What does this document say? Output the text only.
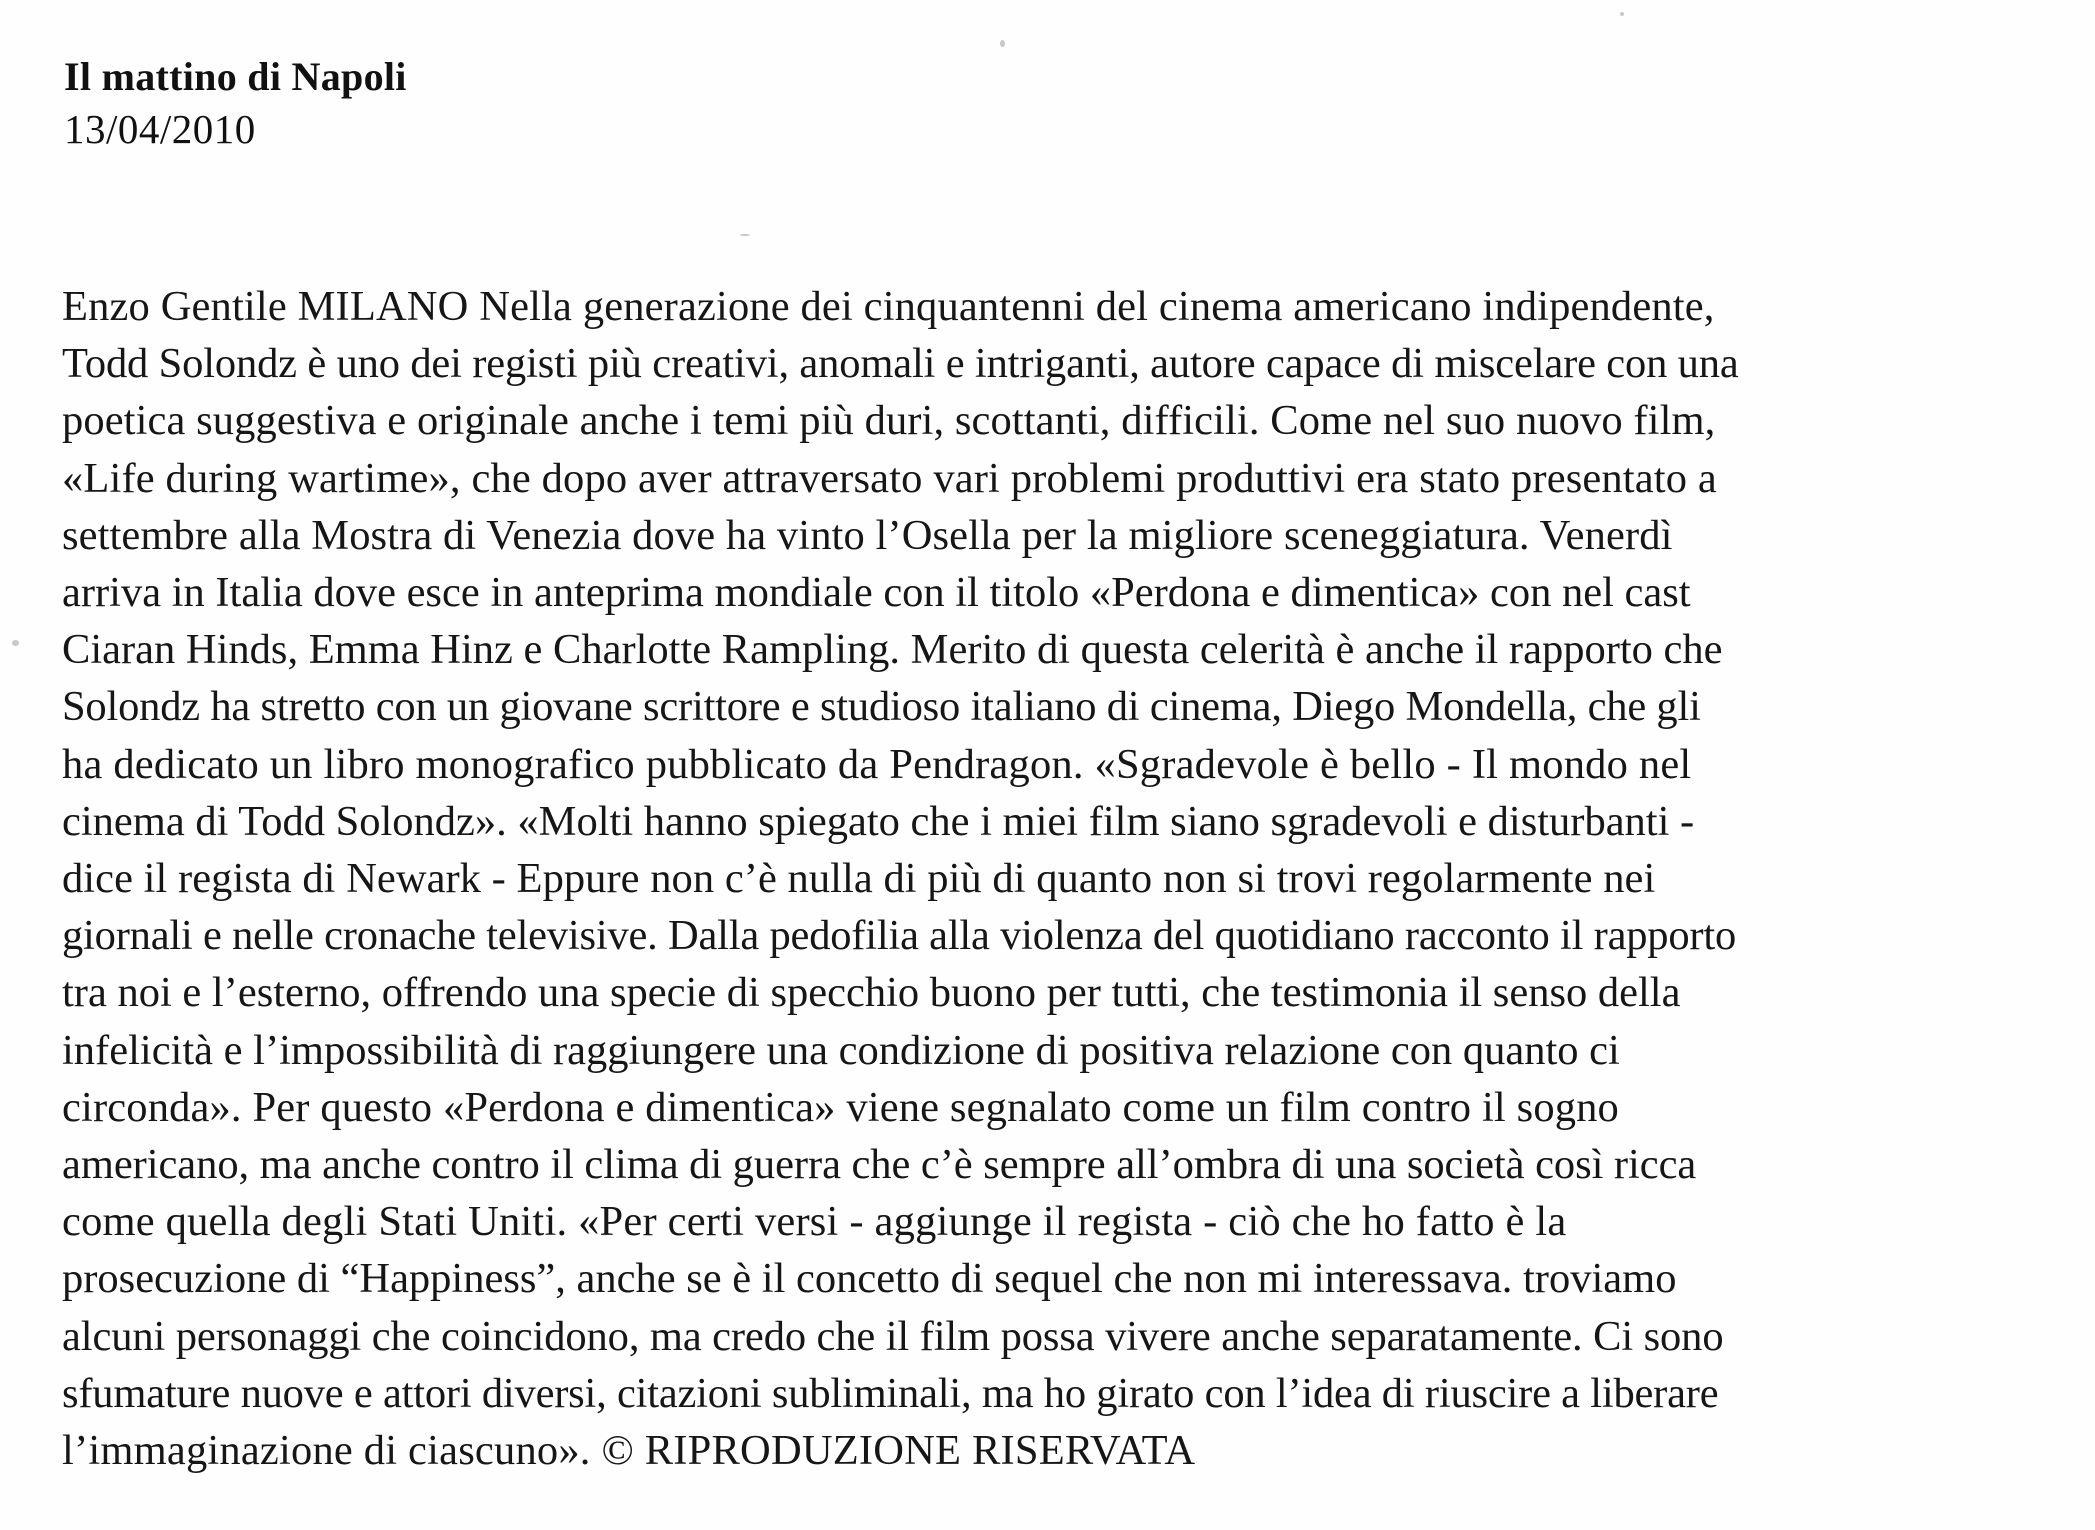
Il mattino di Napoli
13/04/2010
Enzo Gentile MILANO Nella generazione dei cinquantenni del cinema americano indipendente,
Todd Solondz è uno dei registi più creativi, anomali e intriganti, autore capace di miscelare con una
poetica suggestiva e originale anche i temi più duri, scottanti, difficili. Come nel suo nuovo film,
«Life during wartime», che dopo aver attraversato vari problemi produttivi era stato presentato a
settembre alla Mostra di Venezia dove ha vinto l’Osella per la migliore sceneggiatura. Venerdì
arriva in Italia dove esce in anteprima mondiale con il titolo «Perdona e dimentica» con nel cast
Ciaran Hinds, Emma Hinz e Charlotte Rampling. Merito di questa celerità è anche il rapporto che
Solondz ha stretto con un giovane scrittore e studioso italiano di cinema, Diego Mondella, che gli
ha dedicato un libro monografico pubblicato da Pendragon. «Sgradevole è bello - Il mondo nel
cinema di Todd Solondz». «Molti hanno spiegato che i miei film siano sgradevoli e disturbanti -
dice il regista di Newark - Eppure non c’è nulla di più di quanto non si trovi regolarmente nei
giornali e nelle cronache televisive. Dalla pedofilia alla violenza del quotidiano racconto il rapporto
tra noi e l’esterno, offrendo una specie di specchio buono per tutti, che testimonia il senso della
infelicità e l’impossibilità di raggiungere una condizione di positiva relazione con quanto ci
circonda». Per questo «Perdona e dimentica» viene segnalato come un film contro il sogno
americano, ma anche contro il clima di guerra che c’è sempre all’ombra di una società così ricca
come quella degli Stati Uniti. «Per certi versi - aggiunge il regista - ciò che ho fatto è la
prosecuzione di “Happiness”, anche se è il concetto di sequel che non mi interessava. troviamo
alcuni personaggi che coincidono, ma credo che il film possa vivere anche separatamente. Ci sono
sfumature nuove e attori diversi, citazioni subliminali, ma ho girato con l’idea di riuscire a liberare
l’immaginazione di ciascuno». © RIPRODUZIONE RISERVATA
